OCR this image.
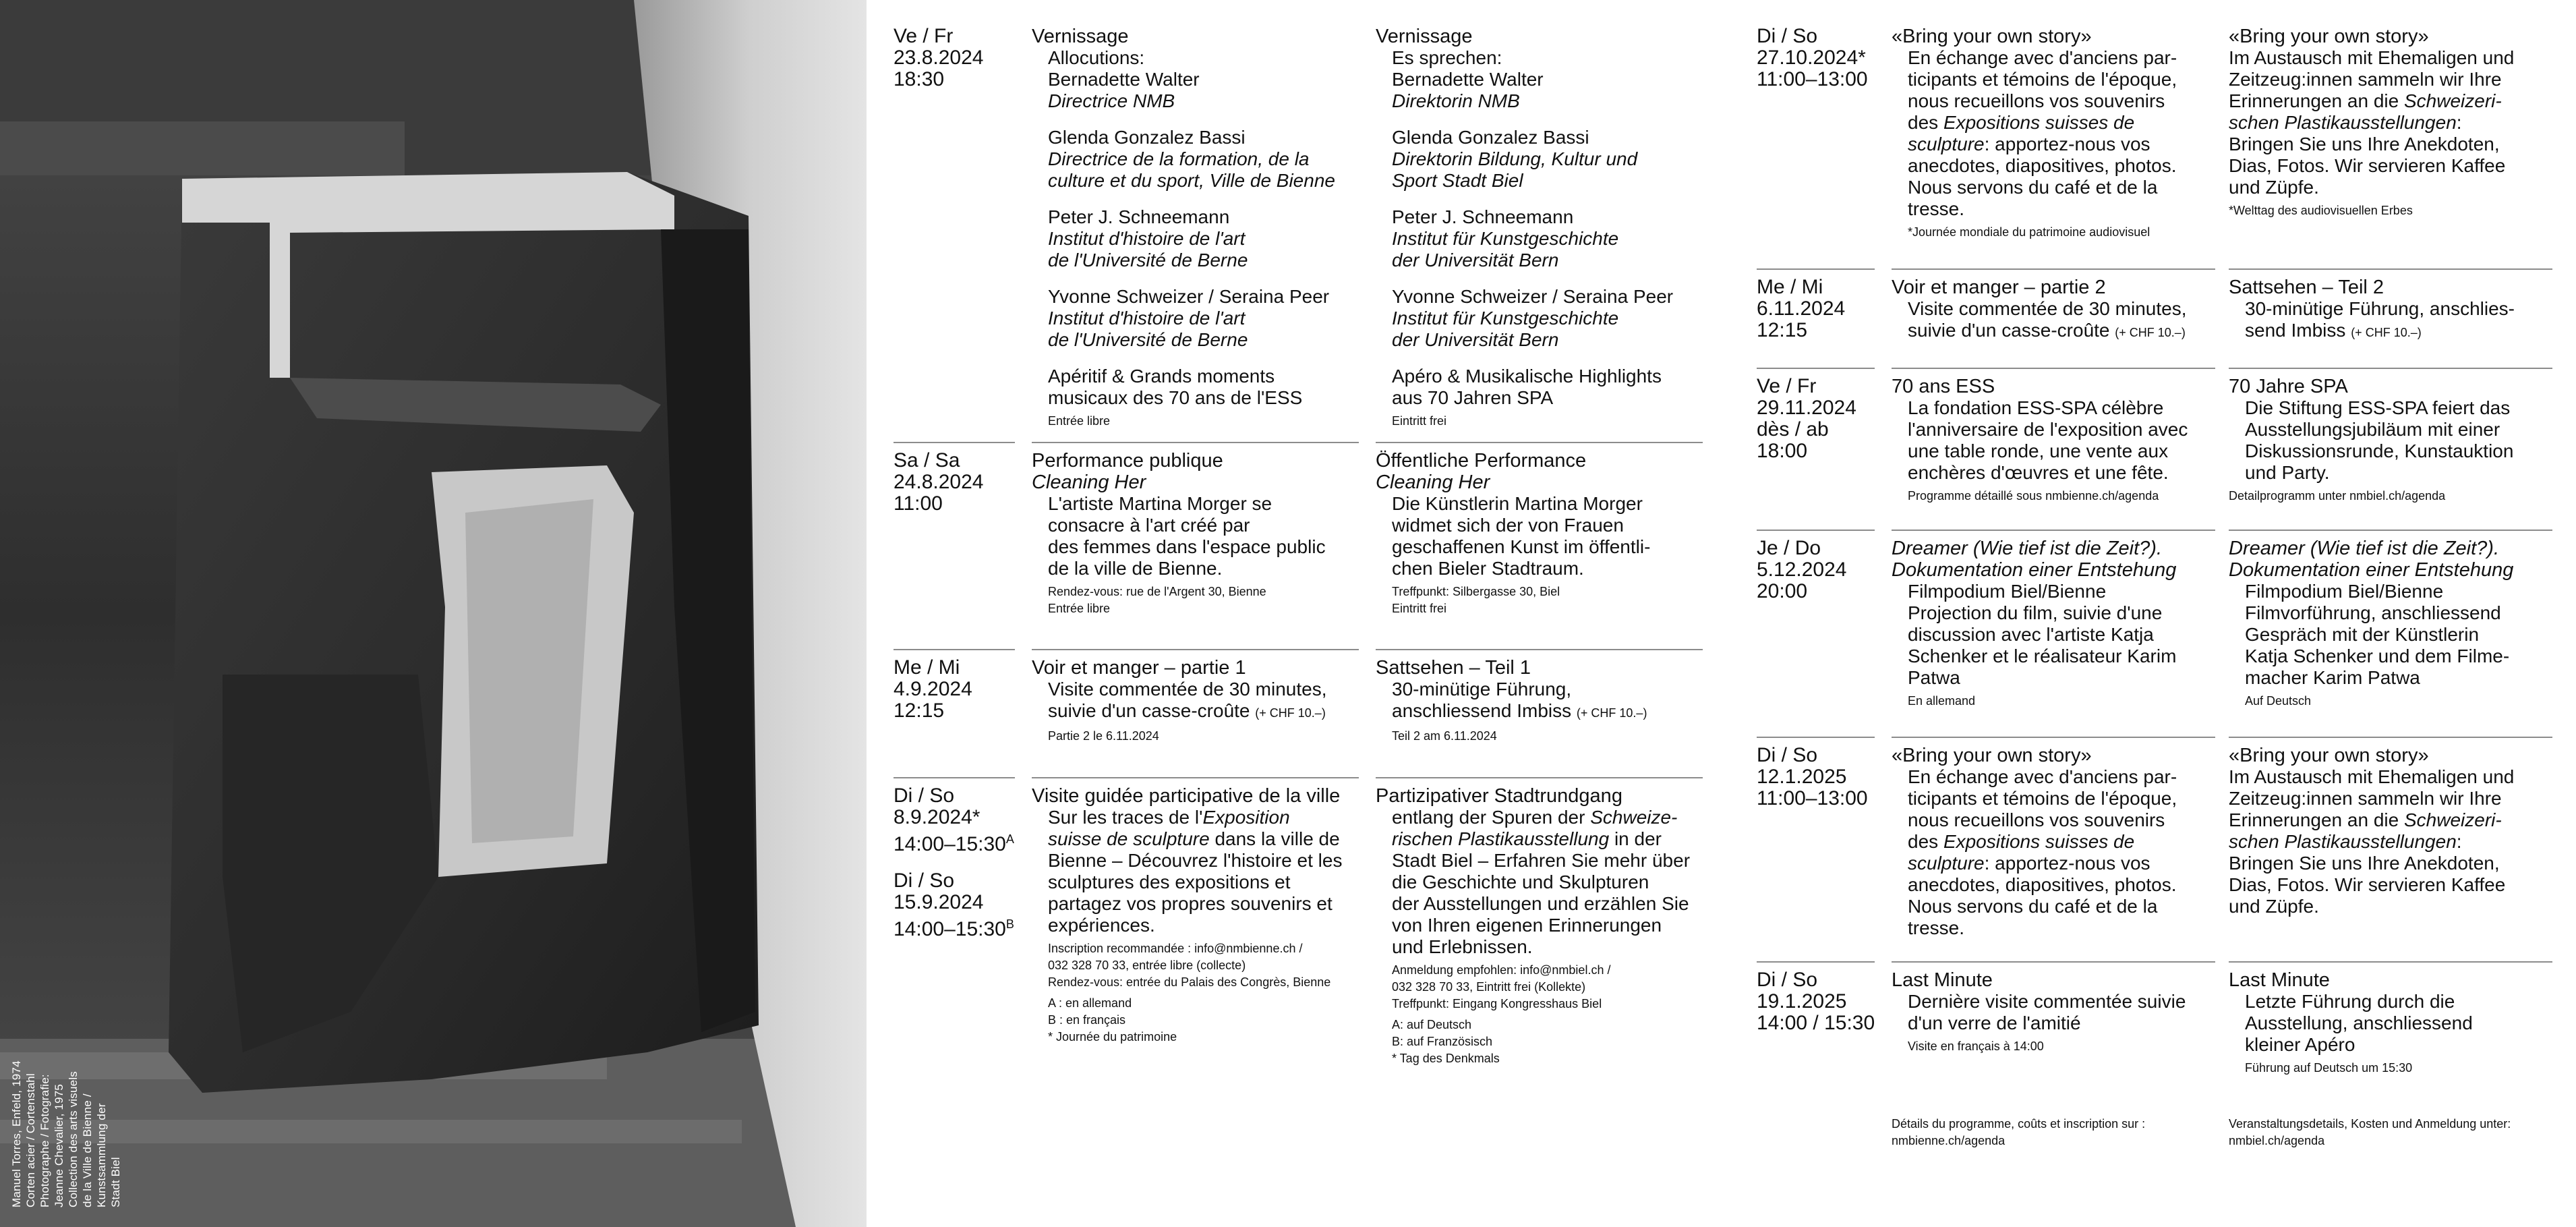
Manuel Torres, Enfeld, 1974
Corten acier / Cortenstahl
Photographe / Fotografie:
Jeanne Chevalier, 1975
Collection des arts visuels
de la Ville de Bienne /
Kunstsammlung der
Stadt Biel
Ve / Fr
23.8.2024
18:30
Vernissage
Allocutions:
Bernadette Walter
Directrice NMB
Glenda Gonzalez Bassi
Directrice de la formation, de la
culture et du sport, Ville de Bienne
Peter J. Schneemann
Institut d'histoire de l'art
de l'Université de Berne
Yvonne Schweizer / Seraina Peer
Institut d'histoire de l'art
de l'Université de Berne
Apéritif & Grands moments
musicaux des 70 ans de l'ESS
Entrée libre
Vernissage
Es sprechen:
Bernadette Walter
Direktorin NMB
Glenda Gonzalez Bassi
Direktorin Bildung, Kultur und
Sport Stadt Biel
Peter J. Schneemann
Institut für Kunstgeschichte
der Universität Bern
Yvonne Schweizer / Seraina Peer
Institut für Kunstgeschichte
der Universität Bern
Apéro & Musikalische Highlights
aus 70 Jahren SPA
Eintritt frei
Sa / Sa
24.8.2024
11:00
Performance publique
Cleaning Her
L'artiste Martina Morger se
consacre à l'art créé par
des femmes dans l'espace public
de la ville de Bienne.
Rendez-vous: rue de l'Argent 30, Bienne
Entrée libre
Öffentliche Performance
Cleaning Her
Die Künstlerin Martina Morger
widmet sich der von Frauen
geschaffenen Kunst im öffentli-
chen Bieler Stadtraum.
Treffpunkt: Silbergasse 30, Biel
Eintritt frei
Me / Mi
4.9.2024
12:15
Voir et manger – partie 1
Visite commentée de 30 minutes,
suivie d'un casse-croûte (+ CHF 10.–)
Partie 2 le 6.11.2024
Sattsehen – Teil 1
30-minütige Führung,
anschliessend Imbiss (+ CHF 10.–)
Teil 2 am 6.11.2024
Di / So
8.9.2024*
$14:00-15:30^A$
Di / So
15.9.2024
$14:00-15:30^B$
Visite guidée participative de la ville
Sur les traces de l'Exposition
suisse de sculpture dans la ville de
Bienne – Découvrez l'histoire et les
sculptures des expositions et
partagez vos propres souvenirs et
expériences.
Inscription recommandée : info@nmbienne.ch /
032 328 70 33, entrée libre (collecte)
Rendez-vous: entrée du Palais des Congrès, Bienne
A : en allemand
B : en français
* Journée du patrimoine
Partizipativer Stadtrundgang
entlang der Spuren der Schweize-
rischen Plastikausstellung in der
Stadt Biel – Erfahren Sie mehr über
die Geschichte und Skulpturen
der Ausstellungen und erzählen Sie
von Ihren eigenen Erinnerungen
und Erlebnissen.
Anmeldung empfohlen: info@nmbiel.ch /
032 328 70 33, Eintritt frei (Kollekte)
Treffpunkt: Eingang Kongresshaus Biel
A: auf Deutsch
B: auf Französisch
* Tag des Denkmals
Di / So
27.10.2024*
11:00–13:00
«Bring your own story»
En échange avec d'anciens par-
ticipants et témoins de l'époque,
nous recueillons vos souvenirs
des Expositions suisses de
sculpture: apportez-nous vos
anecdotes, diapositives, photos.
Nous servons du café et de la
tresse.
*Journée mondiale du patrimoine audiovisuel
«Bring your own story»
Im Austausch mit Ehemaligen und
Zeitzeug:innen sammeln wir Ihre
Erinnerungen an die Schweizeri-
schen Plastikausstellungen:
Bringen Sie uns Ihre Anekdoten,
Dias, Fotos. Wir servieren Kaffee
und Züpfe.
*Welttag des audiovisuellen Erbes
Me / Mi
6.11.2024
12:15
Voir et manger – partie 2
Visite commentée de 30 minutes,
suivie d'un casse-croûte (+ CHF 10.–)
Sattsehen – Teil 2
30-minütige Führung, anschlies-
send Imbiss (+ CHF 10.–)
Ve / Fr
29.11.2024
dès / ab
18:00
70 ans ESS
La fondation ESS-SPA célèbre
l'anniversaire de l'exposition avec
une table ronde, une vente aux
enchères d'œuvres et une fête.
Programme détaillé sous nmbienne.ch/agenda
70 Jahre SPA
Die Stiftung ESS-SPA feiert das
Ausstellungsjubiläum mit einer
Diskussionsrunde, Kunstauktion
und Party.
Detailprogramm unter nmbiel.ch/agenda
Je / Do
5.12.2024
20:00
Dreamer (Wie tief ist die Zeit?).
Dokumentation einer Entstehung
Filmpodium Biel/Bienne
Projection du film, suivie d'une
discussion avec l'artiste Katja
Schenker et le réalisateur Karim
Patwa
En allemand
Dreamer (Wie tief ist die Zeit?).
Dokumentation einer Entstehung
Filmpodium Biel/Bienne
Filmvorführung, anschliessend
Gespräch mit der Künstlerin
Katja Schenker und dem Filme-
macher Karim Patwa
Auf Deutsch
Di / So
12.1.2025
11:00–13:00
«Bring your own story»
En échange avec d'anciens par-
ticipants et témoins de l'époque,
nous recueillons vos souvenirs
des Expositions suisses de
sculpture: apportez-nous vos
anecdotes, diapositives, photos.
Nous servons du café et de la
tresse.
«Bring your own story»
Im Austausch mit Ehemaligen und
Zeitzeug:innen sammeln wir Ihre
Erinnerungen an die Schweizeri-
schen Plastikausstellungen:
Bringen Sie uns Ihre Anekdoten,
Dias, Fotos. Wir servieren Kaffee
und Züpfe.
Di / So
19.1.2025
14:00 / 15:30
Last Minute
Dernière visite commentée suivie
d'un verre de l'amitié
Visite en français à 14:00
Last Minute
Letzte Führung durch die
Ausstellung, anschliessend
kleiner Apéro
Führung auf Deutsch um 15:30
Détails du programme, coûts et inscription sur :
nmbienne.ch/agenda
Veranstaltungsdetails, Kosten und Anmeldung unter:
nmbiel.ch/agenda
